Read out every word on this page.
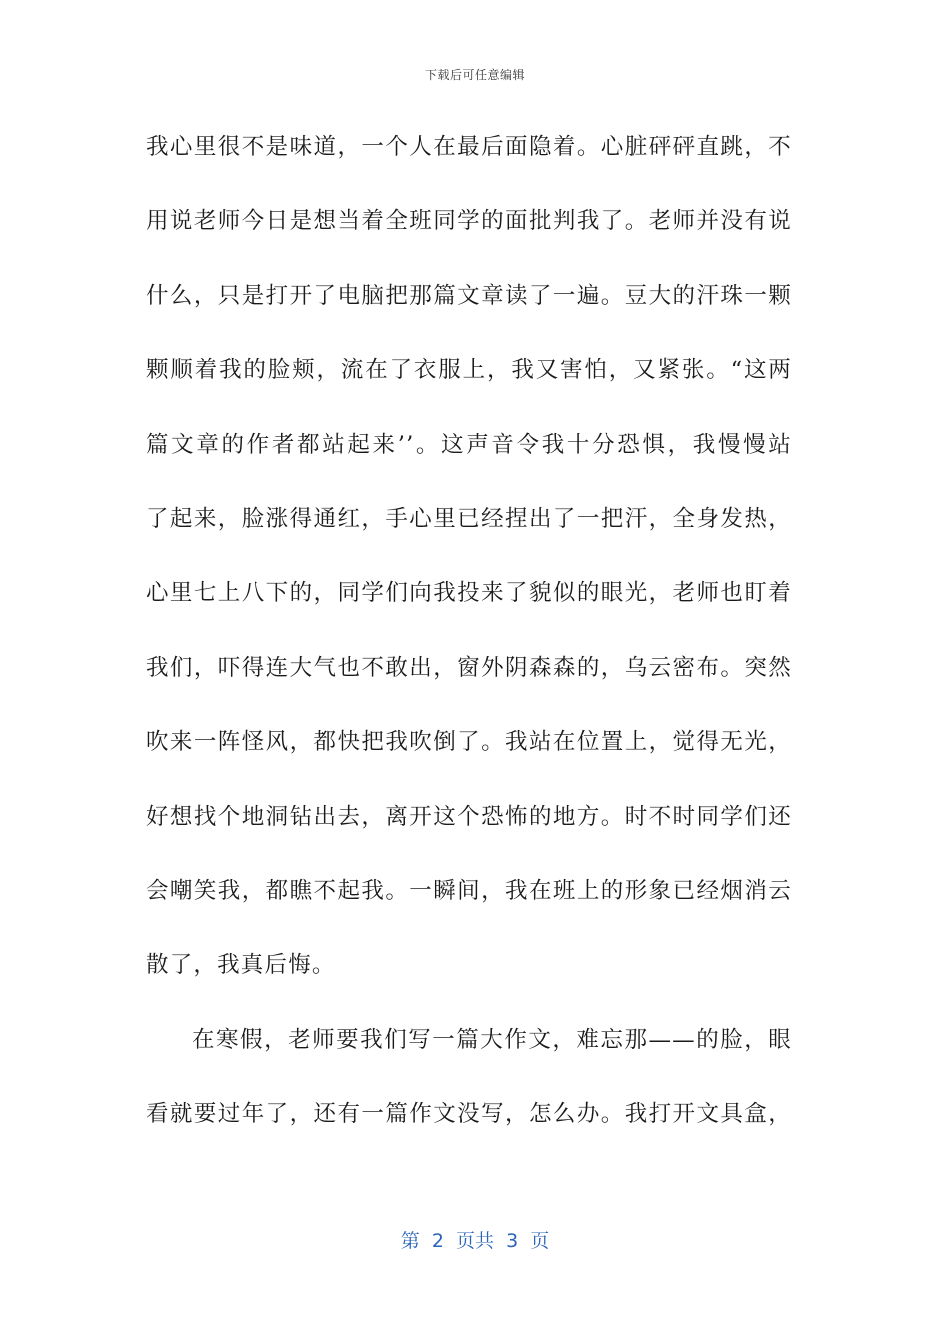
下载后可任意编辑
我心里很不是味道，一个人在最后面隐着。心脏砰砰直跳，不
用说老师今日是想当着全班同学的面批判我了。老师并没有说
什么，只是打开了电脑把那篇文章读了一遍。豆大的汗珠一颗
颗顺着我的脸颊，流在了衣服上，我又害怕，又紧张。“这两
篇文章的作者都站起来’’。这声音令我十分恐惧，我慢慢站
了起来，脸涨得通红，手心里已经捏出了一把汗，全身发热，
心里七上八下的，同学们向我投来了貌似的眼光，老师也盯着
我们，吓得连大气也不敢出，窗外阴森森的，乌云密布。突然
吹来一阵怪风，都快把我吹倒了。我站在位置上，觉得无光，
好想找个地洞钻出去，离开这个恐怖的地方。时不时同学们还
会嘲笑我，都瞧不起我。一瞬间，我在班上的形象已经烟消云
散了，我真后悔。
在寒假，老师要我们写一篇大作文，难忘那——的脸，眼
看就要过年了，还有一篇作文没写，怎么办。我打开文具盒，
第  2  页共  3  页
